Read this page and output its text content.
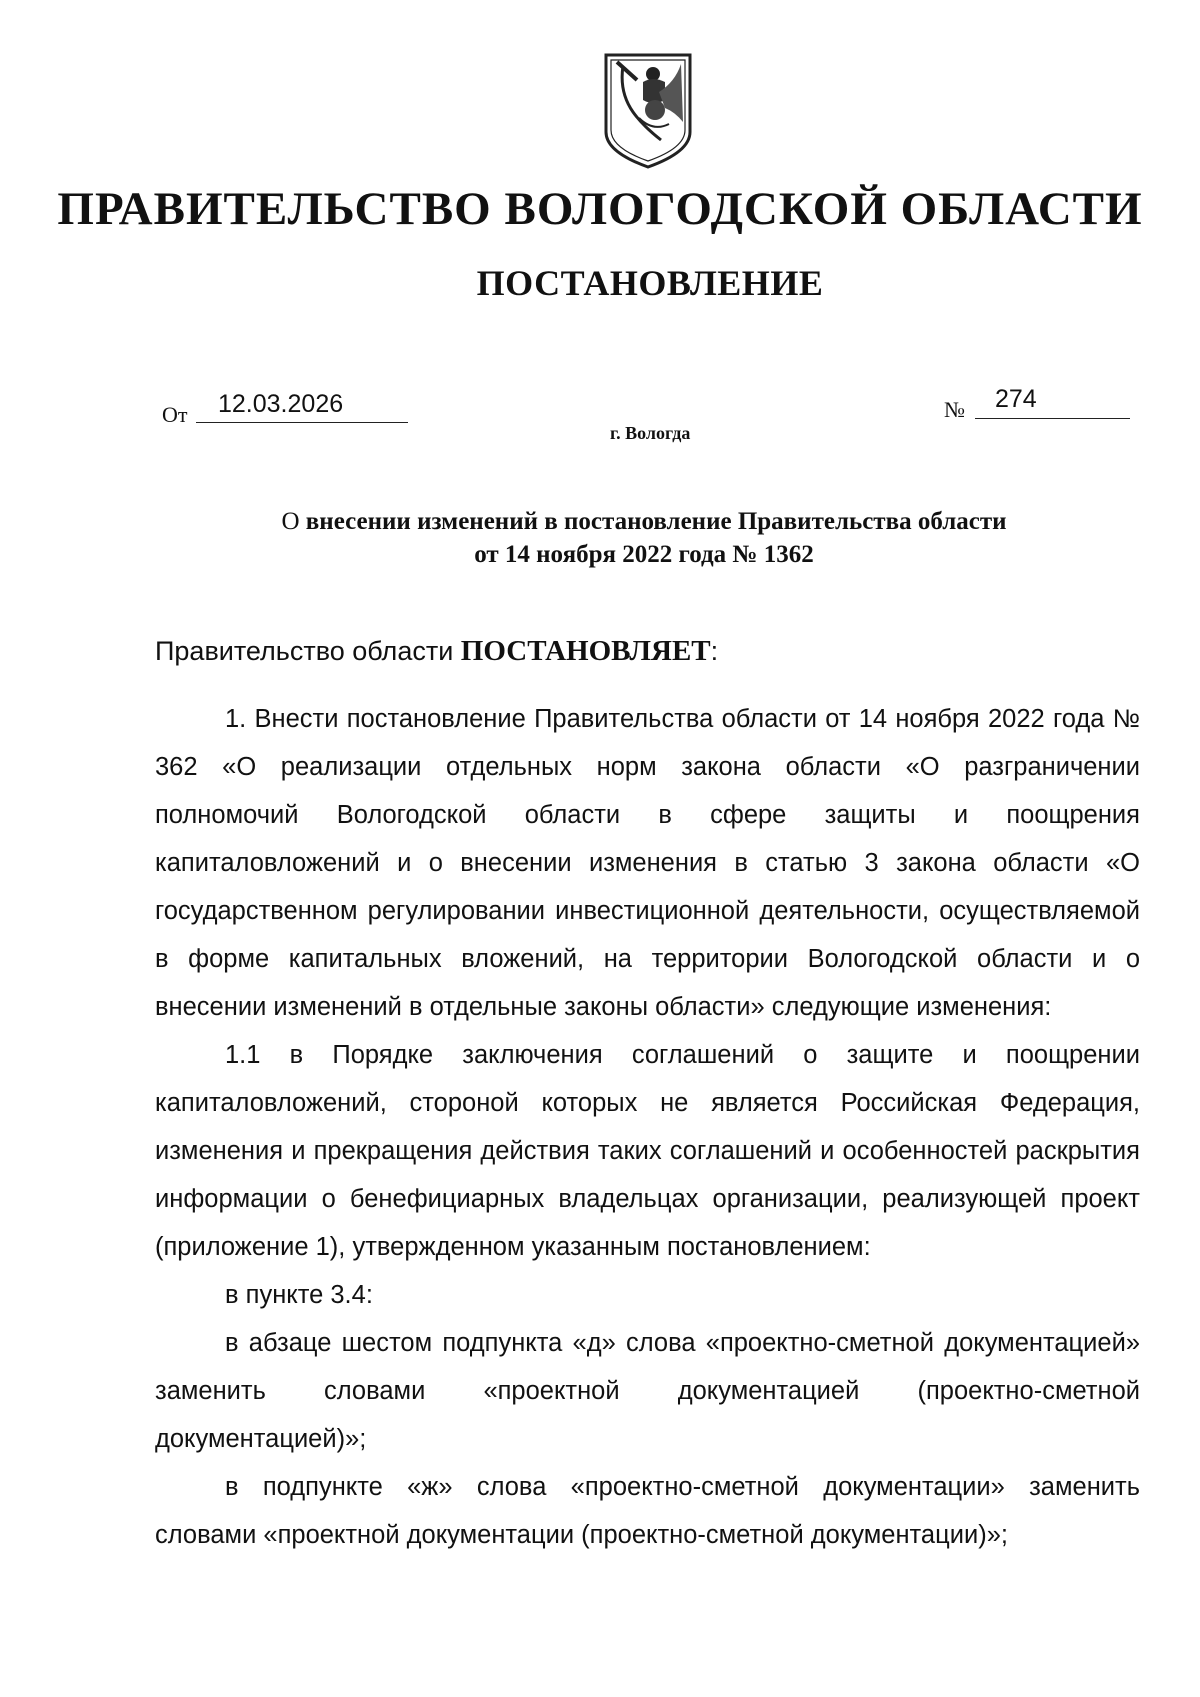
ПРАВИТЕЛЬСТВО ВОЛОГОДСКОЙ ОБЛАСТИ
ПОСТАНОВЛЕНИЕ
От 12.03.2026	№ 274
г. Вологда
О внесении изменений в постановление Правительства области
от 14 ноября 2022 года № 1362
Правительство области ПОСТАНОВЛЯЕТ:

1. Внести постановление Правительства области от 14 ноября 2022 года № 362 «О реализации отдельных норм закона области «О разграничении полномочий Вологодской области в сфере защиты и поощрения капиталовложений и о внесении изменения в статью 3 закона области «О государственном регулировании инвестиционной деятельности, осуществляемой в форме капитальных вложений, на территории Вологодской области и о внесении изменений в отдельные законы области» следующие изменения:

1.1 в Порядке заключения соглашений о защите и поощрении капиталовложений, стороной которых не является Российская Федерация, изменения и прекращения действия таких соглашений и особенностей раскрытия информации о бенефициарных владельцах организации, реализующей проект (приложение 1), утвержденном указанным постановлением:

в пункте 3.4:

в абзаце шестом подпункта «д» слова «проектно-сметной документацией» заменить словами «проектной документацией (проектно-сметной документацией)»;

в подпункте «ж» слова «проектно-сметной документации» заменить словами «проектной документации (проектно-сметной документации)»;
